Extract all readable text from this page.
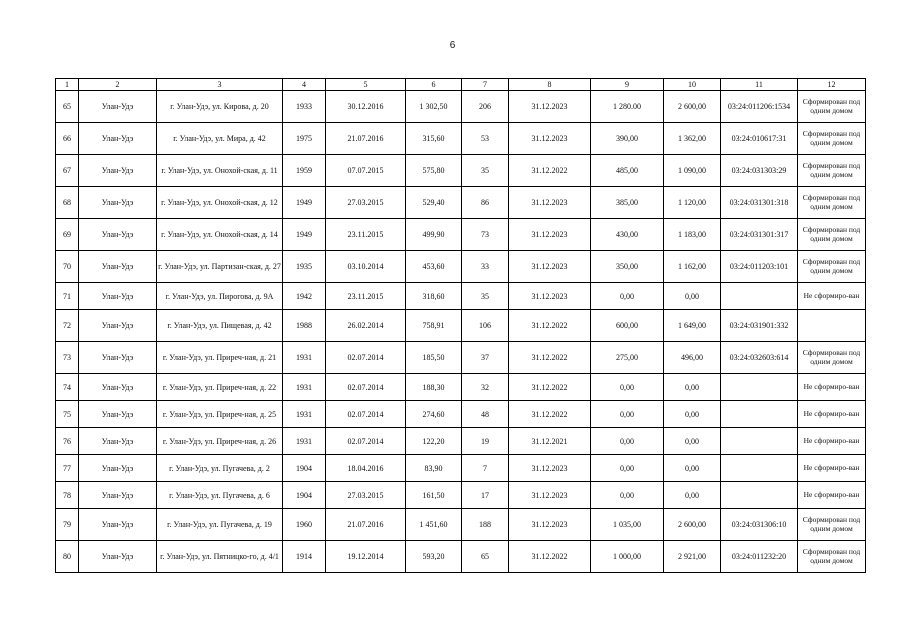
6
1	2	3	4	5	6	7	8	9	10	11	12
65	Улан-Удэ	г. Улан-Удэ, ул. Кирова, д. 20	1933	30.12.2016	1 302,50	206	31.12.2023	1 280.00	2 600,00	03:24:011206:1534	Сформирован под одним домом
66	Улан-Удэ	г. Улан-Удэ, ул. Мира, д. 42	1975	21.07.2016	315,60	53	31.12.2023	390,00	1 362,00	03:24:010617:31	Сформирован под одним домом
67	Улан-Удэ	г. Улан-Удэ, ул. Онохой-ская, д. 11	1959	07.07.2015	575,80	35	31.12.2022	485,00	1 090,00	03:24:031303:29	Сформирован под одним домом
68	Улан-Удэ	г. Улан-Удэ, ул. Онохой-ская, д. 12	1949	27.03.2015	529,40	86	31.12.2023	385,00	1 120,00	03:24:031301:318	Сформирован под одним домом
69	Улан-Удэ	г. Улан-Удэ, ул. Онохой-ская, д. 14	1949	23.11.2015	499,90	73	31.12.2023	430,00	1 183,00	03:24:031301:317	Сформирован под одним домом
70	Улан-Удэ	г. Улан-Удэ, ул. Партизан-ская, д. 27	1935	03.10.2014	453,60	33	31.12.2023	350,00	1 162,00	03:24:011203:101	Сформирован под одним домом
71	Улан-Удэ	г. Улан-Удэ, ул. Пирогова, д. 9А	1942	23.11.2015	318,60	35	31.12.2023	0,00	0,00		Не сформиро-ван
72	Улан-Удэ	г. Улан-Удэ, ул. Пищевая, д. 42	1988	26.02.2014	758,91	106	31.12.2022	600,00	1 649,00	03:24:031901:332	
73	Улан-Удэ	г. Улан-Удэ, ул. Приреч-ная, д. 21	1931	02.07.2014	185,50	37	31.12.2022	275,00	496,00	03:24:032603:614	Сформирован под одним домом
74	Улан-Удэ	г. Улан-Удэ, ул. Приреч-ная, д. 22	1931	02.07.2014	188,30	32	31.12.2022	0,00	0,00		Не сформиро-ван
75	Улан-Удэ	г. Улан-Удэ, ул. Приреч-ная, д. 25	1931	02.07.2014	274,60	48	31.12.2022	0,00	0,00		Не сформиро-ван
76	Улан-Удэ	г. Улан-Удэ, ул. Приреч-ная, д. 26	1931	02.07.2014	122,20	19	31.12.2021	0,00	0,00		Не сформиро-ван
77	Улан-Удэ	г. Улан-Удэ, ул. Пугачева, д. 2	1904	18.04.2016	83,90	7	31.12.2023	0,00	0,00		Не сформиро-ван
78	Улан-Удэ	г. Улан-Удэ, ул. Пугачева, д. 6	1904	27.03.2015	161,50	17	31.12.2023	0,00	0,00		Не сформиро-ван
79	Улан-Удэ	г. Улан-Удэ, ул. Пугачева, д. 19	1960	21.07.2016	1 451,60	188	31.12.2023	1 035,00	2 600,00	03:24:031306:10	Сформирован под одним домом
80	Улан-Удэ	г. Улан-Удэ, ул. Пятницко-го, д. 4/1	1914	19.12.2014	593,20	65	31.12.2022	1 000,00	2 921,00	03:24:011232:20	Сформирован под одним домом
